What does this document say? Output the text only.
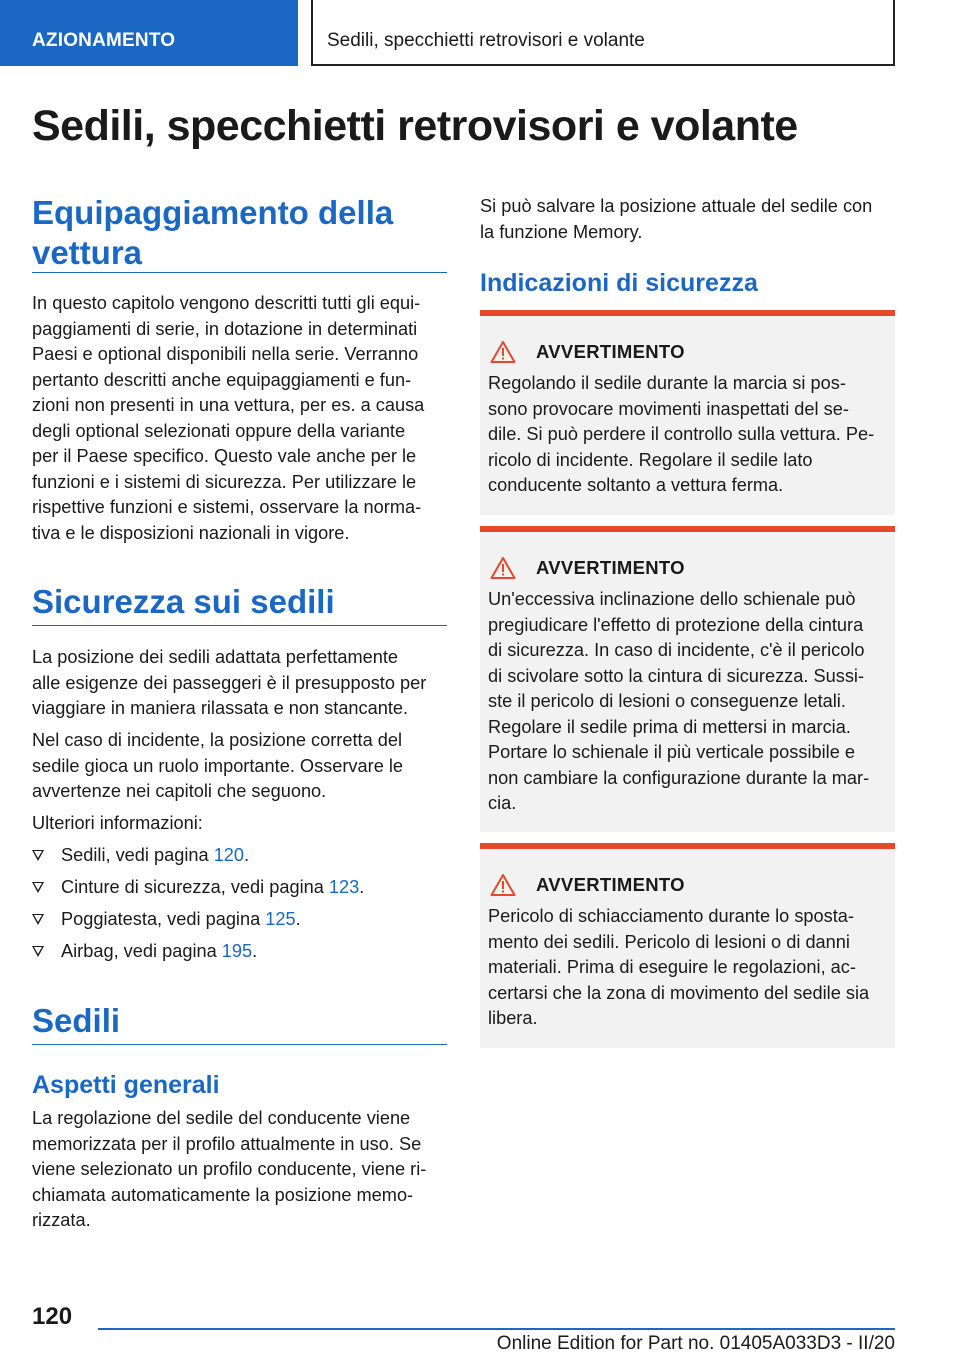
AZIONAMENTO	Sedili, specchietti retrovisori e volante
Sedili, specchietti retrovisori e volante
Equipaggiamento della vettura
In questo capitolo vengono descritti tutti gli equi‐
paggiamenti di serie, in dotazione in determinati
Paesi e optional disponibili nella serie. Verranno
pertanto descritti anche equipaggiamenti e fun‐
zioni non presenti in una vettura, per es. a causa
degli optional selezionati oppure della variante
per il Paese specifico. Questo vale anche per le
funzioni e i sistemi di sicurezza. Per utilizzare le
rispettive funzioni e sistemi, osservare la norma‐
tiva e le disposizioni nazionali in vigore.
Sicurezza sui sedili
La posizione dei sedili adattata perfettamente
alle esigenze dei passeggeri è il presupposto per
viaggiare in maniera rilassata e non stancante.
Nel caso di incidente, la posizione corretta del
sedile gioca un ruolo importante. Osservare le
avvertenze nei capitoli che seguono.
Ulteriori informazioni:
Sedili, vedi pagina 120.
Cinture di sicurezza, vedi pagina 123.
Poggiatesta, vedi pagina 125.
Airbag, vedi pagina 195.
Sedili
Aspetti generali
La regolazione del sedile del conducente viene
memorizzata per il profilo attualmente in uso. Se
viene selezionato un profilo conducente, viene ri‐
chiamata automaticamente la posizione memo‐
rizzata.
Si può salvare la posizione attuale del sedile con
la funzione Memory.
Indicazioni di sicurezza
AVVERTIMENTO
Regolando il sedile durante la marcia si pos‐
sono provocare movimenti inaspettati del se‐
dile. Si può perdere il controllo sulla vettura. Pe‐
ricolo di incidente. Regolare il sedile lato
conducente soltanto a vettura ferma.
AVVERTIMENTO
Un'eccessiva inclinazione dello schienale può
pregiudicare l'effetto di protezione della cintura
di sicurezza. In caso di incidente, c'è il pericolo
di scivolare sotto la cintura di sicurezza. Sussi‐
ste il pericolo di lesioni o conseguenze letali.
Regolare il sedile prima di mettersi in marcia.
Portare lo schienale il più verticale possibile e
non cambiare la configurazione durante la mar‐
cia.
AVVERTIMENTO
Pericolo di schiacciamento durante lo sposta‐
mento dei sedili. Pericolo di lesioni o di danni
materiali. Prima di eseguire le regolazioni, ac‐
certarsi che la zona di movimento del sedile sia
libera.
120
Online Edition for Part no. 01405A033D3 - II/20
